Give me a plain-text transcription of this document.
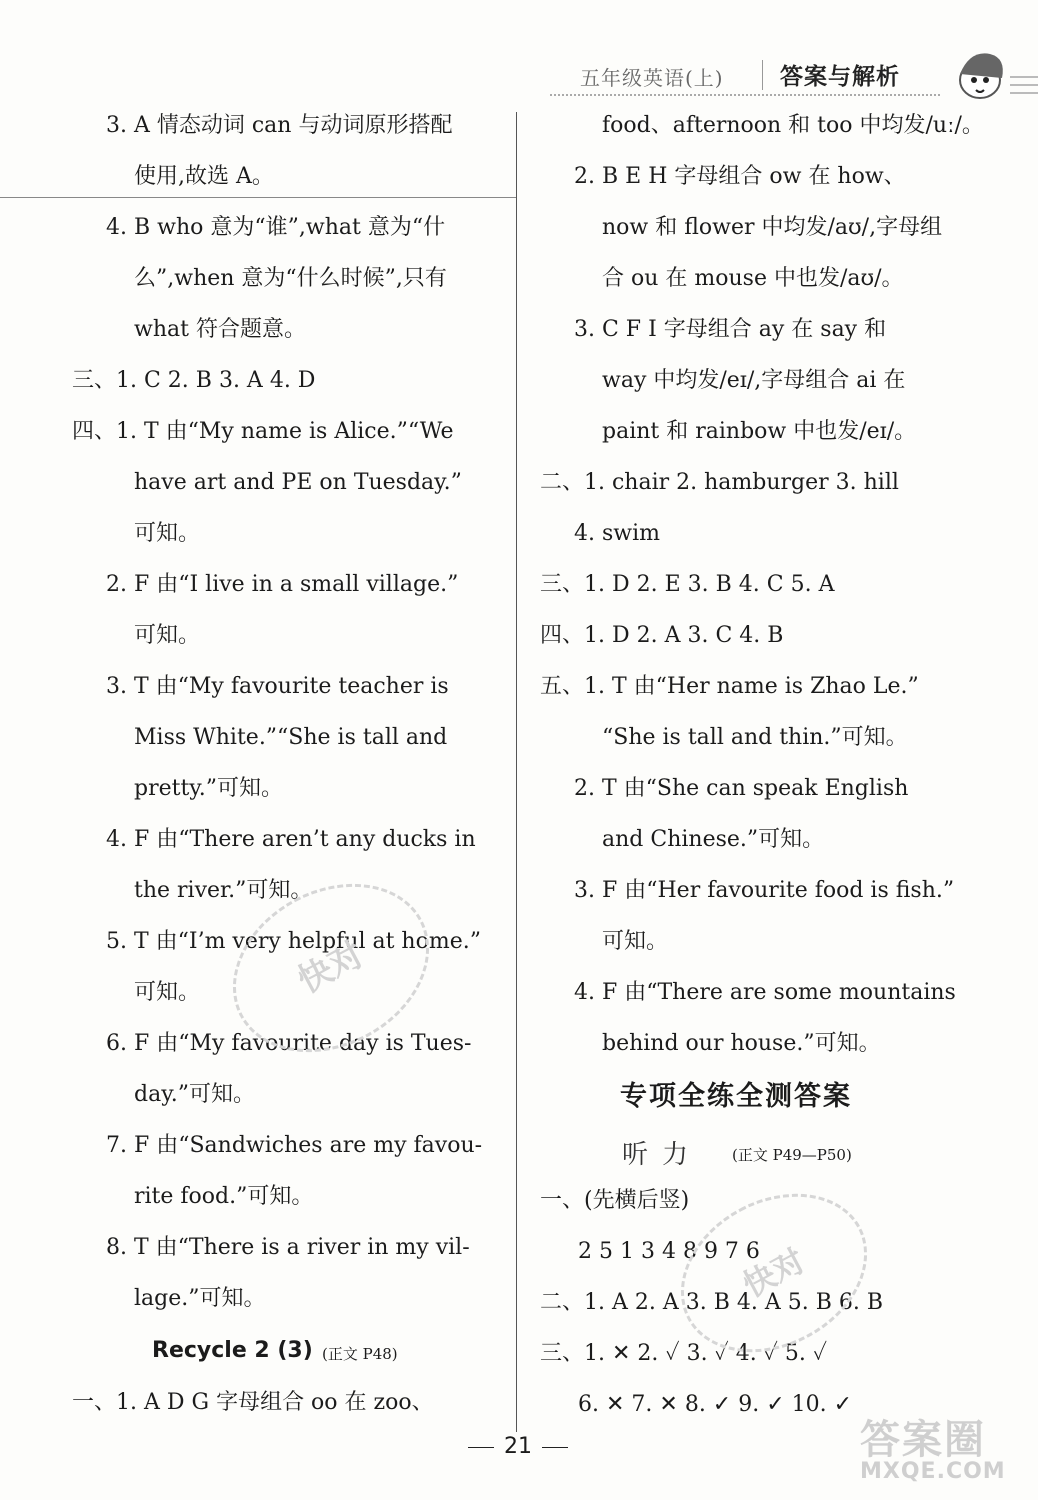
五年级英语(上) 答案与解析
3. A 情态动词 can 与动词原形搭配
使用,故选 A。
4. B who 意为“谁”,what 意为“什
么”,when 意为“什么时候”,只有
what 符合题意。
三、1. C 2. B 3. A 4. D
四、1. T 由“My name is Alice.”“We
have art and PE on Tuesday.”
可知。
2. F 由“I live in a small village.”
可知。
3. T 由“My favourite teacher is
Miss White.”“She is tall and
pretty.”可知。
4. F 由“There aren’t any ducks in
the river.”可知。
5. T 由“I’m very helpful at home.”
可知。
6. F 由“My favourite day is Tues-
day.”可知。
7. F 由“Sandwiches are my favou-
rite food.”可知。
8. T 由“There is a river in my vil-
lage.”可知。
Recycle 2 (3) (正文 P48)
一、1. A D G 字母组合 oo 在 zoo、
food、afternoon 和 too 中均发/uː/。
2. B E H 字母组合 ow 在 how、
now 和 flower 中均发/aʊ/,字母组
合 ou 在 mouse 中也发/aʊ/。
3. C F I 字母组合 ay 在 say 和
way 中均发/eɪ/,字母组合 ai 在
paint 和 rainbow 中也发/eɪ/。
二、1. chair 2. hamburger 3. hill
4. swim
三、1. D 2. E 3. B 4. C 5. A
四、1. D 2. A 3. C 4. B
五、1. T 由“Her name is Zhao Le.”
“She is tall and thin.”可知。
2. T 由“She can speak English
and Chinese.”可知。
3. F 由“Her favourite food is fish.”
可知。
4. F 由“There are some mountains
behind our house.”可知。
专项全练全测答案
听力 (正文 P49—P50)
一、(先横后竖)
2 5 1 3 4 8 9 7 6
二、1. A 2. A 3. B 4. A 5. B 6. B
三、1. ✕ 2. ✓ 3. ✓ 4. ✓ 5. ✓
6. ✕ 7. ✕ 8. ✓ 9. ✓ 10. ✓
快对
快对
答案圈
MXQE.COM
21
